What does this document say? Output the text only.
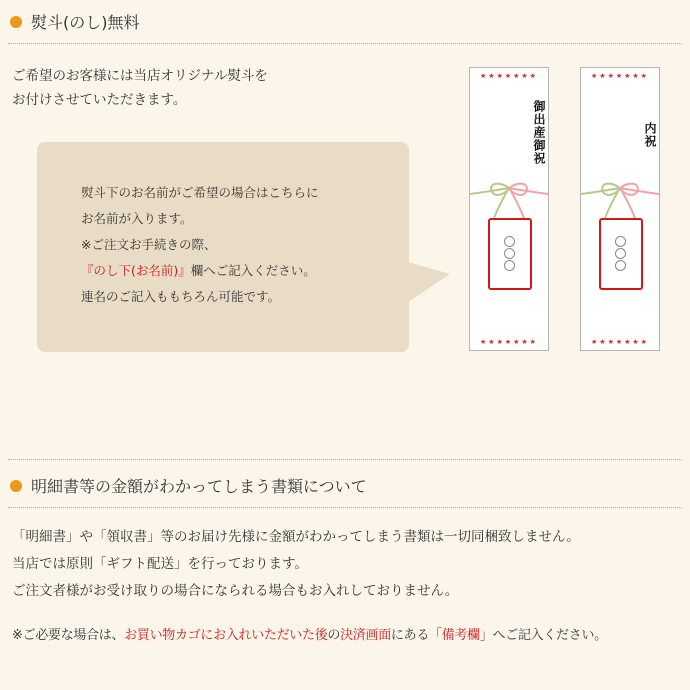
熨斗(のし)無料
ご希望のお客様には当店オリジナル熨斗を
お付けさせていただきます。
熨斗下のお名前がご希望の場合はこちらに
お名前が入ります。
※ご注文お手続きの際、
『のし下(お名前)』欄へご記入ください。
連名のご記入ももちろん可能です。
★★★★★★★
御出産御祝
★★★★★★★
★★★★★★★
内祝
★★★★★★★
明細書等の金額がわかってしまう書類について
「明細書」や「領収書」等のお届け先様に金額がわかってしまう書類は一切同梱致しません。
当店では原則「ギフト配送」を行っております。
ご注文者様がお受け取りの場合になられる場合もお入れしておりません。
※ご必要な場合は、お買い物カゴにお入れいただいた後の決済画面にある「備考欄」へご記入ください。
